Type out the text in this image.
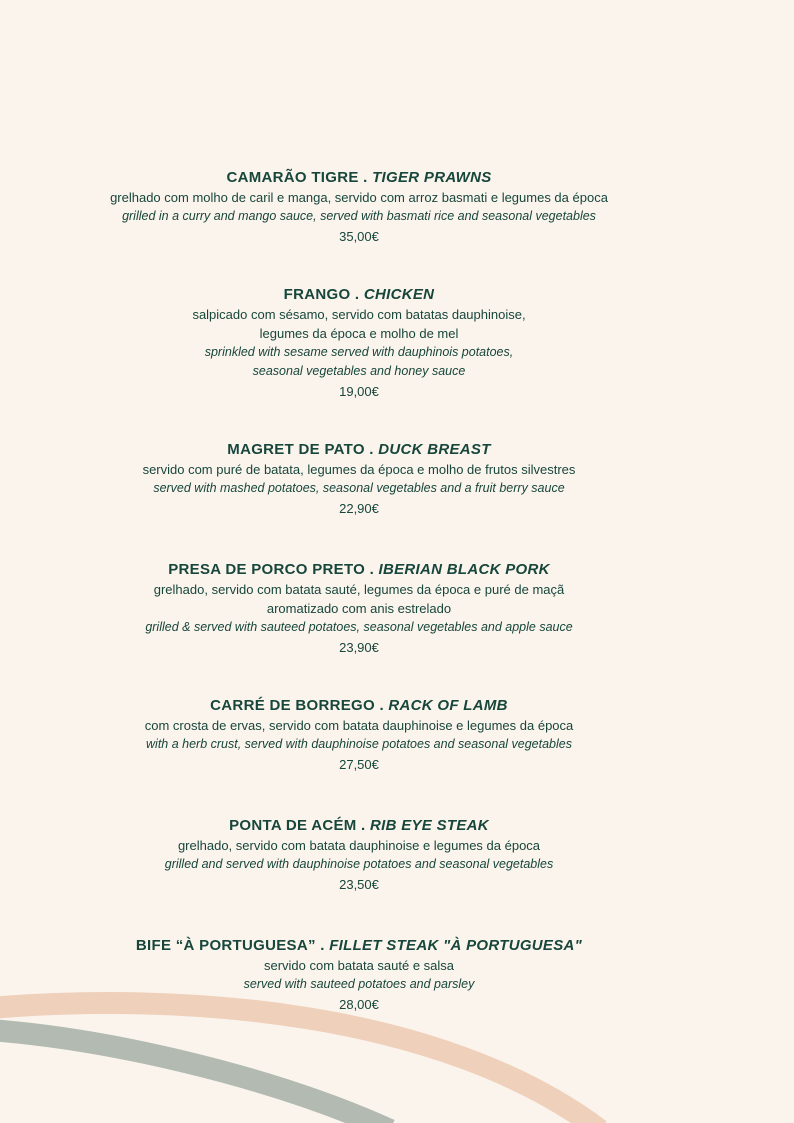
CAMARÃO TIGRE . TIGER PRAWNS

grelhado com molho de caril e manga, servido com arroz basmati e legumes da época

grilled in a curry and mango sauce, served with basmati rice and seasonal vegetables

35,00€

FRANGO . CHICKEN

salpicado com sésamo, servido com batatas dauphinoise,

legumes da época e molho de mel

sprinkled with sesame served with dauphinois potatoes,

seasonal vegetables and honey sauce

19,00€

MAGRET DE PATO . DUCK BREAST

servido com puré de batata, legumes da época e molho de frutos silvestres

served with mashed potatoes, seasonal vegetables and a fruit berry sauce

22,90€

PRESA DE PORCO PRETO . IBERIAN BLACK PORK

grelhado, servido com batata sauté, legumes da época e puré de maçã

aromatizado com anis estrelado

grilled & served with sauteed potatoes, seasonal vegetables and apple sauce

23,90€

CARRÉ DE BORREGO . RACK OF LAMB

com crosta de ervas, servido com batata dauphinoise e legumes da época

with a herb crust, served with dauphinoise potatoes and seasonal vegetables

27,50€

PONTA DE ACÉM . RIB EYE STEAK

grelhado, servido com batata dauphinoise e legumes da época

grilled and served with dauphinoise potatoes and seasonal vegetables

23,50€

BIFE “À PORTUGUESA” . FILLET STEAK "À PORTUGUESA"

servido com batata sauté e salsa

served with sauteed potatoes and parsley

28,00€
